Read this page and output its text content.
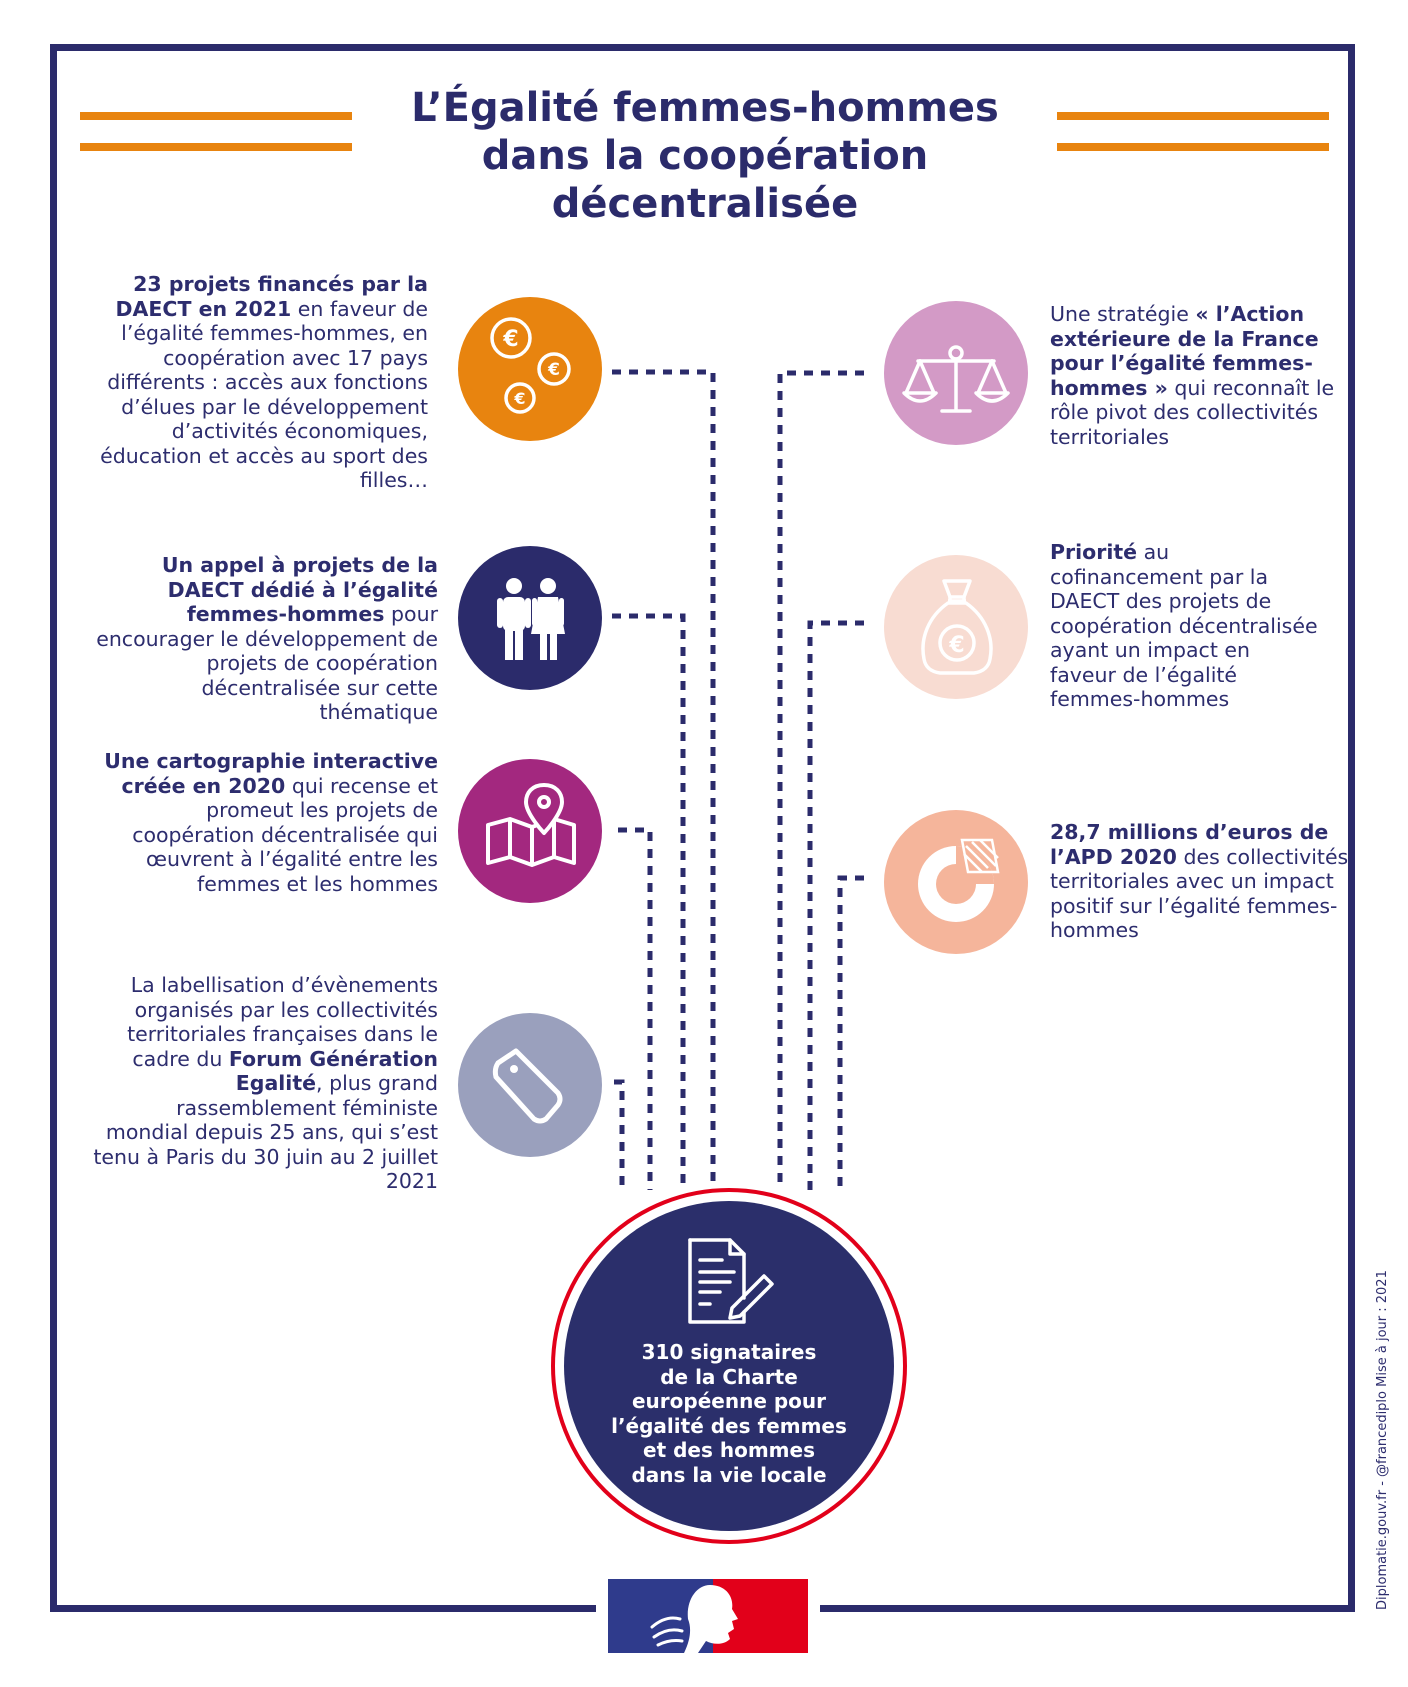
L’Égalité femmes-hommes
dans la coopération décentralisée
€
€
€
€
23 projets financés par la DAECT en 2021 en faveur de l’égalité femmes-hommes, en coopération avec 17 pays différents : accès aux fonctions d’élues par le développement d’activités économiques, éducation et accès au sport des filles…
Un appel à projets de la DAECT dédié à l’égalité femmes-hommes pour encourager le développement de projets de coopération décentralisée sur cette thématique
Une cartographie interactive créée en 2020 qui recense et promeut les projets de coopération décentralisée qui œuvrent à l’égalité entre les femmes et les hommes
La labellisation d’évènements organisés par les collectivités territoriales françaises dans le cadre du Forum Génération Egalité, plus grand rassemblement féministe mondial depuis 25 ans, qui s’est tenu à Paris du 30 juin au 2 juillet 2021
Une stratégie « l’Action extérieure de la France pour l’égalité femmes-hommes » qui reconnaît le rôle pivot des collectivités territoriales
Priorité au cofinancement par la DAECT des projets de coopération décentralisée ayant un impact en faveur de l’égalité femmes-hommes
28,7 millions d’euros de l’APD 2020 des collectivités territoriales avec un impact positif sur l’égalité femmes-hommes
310 signataires
de la Charte
européenne pour
l’égalité des femmes
et des hommes
dans la vie locale	Diplomatie.gouv.fr - @francediplo Mise à jour : 2021
